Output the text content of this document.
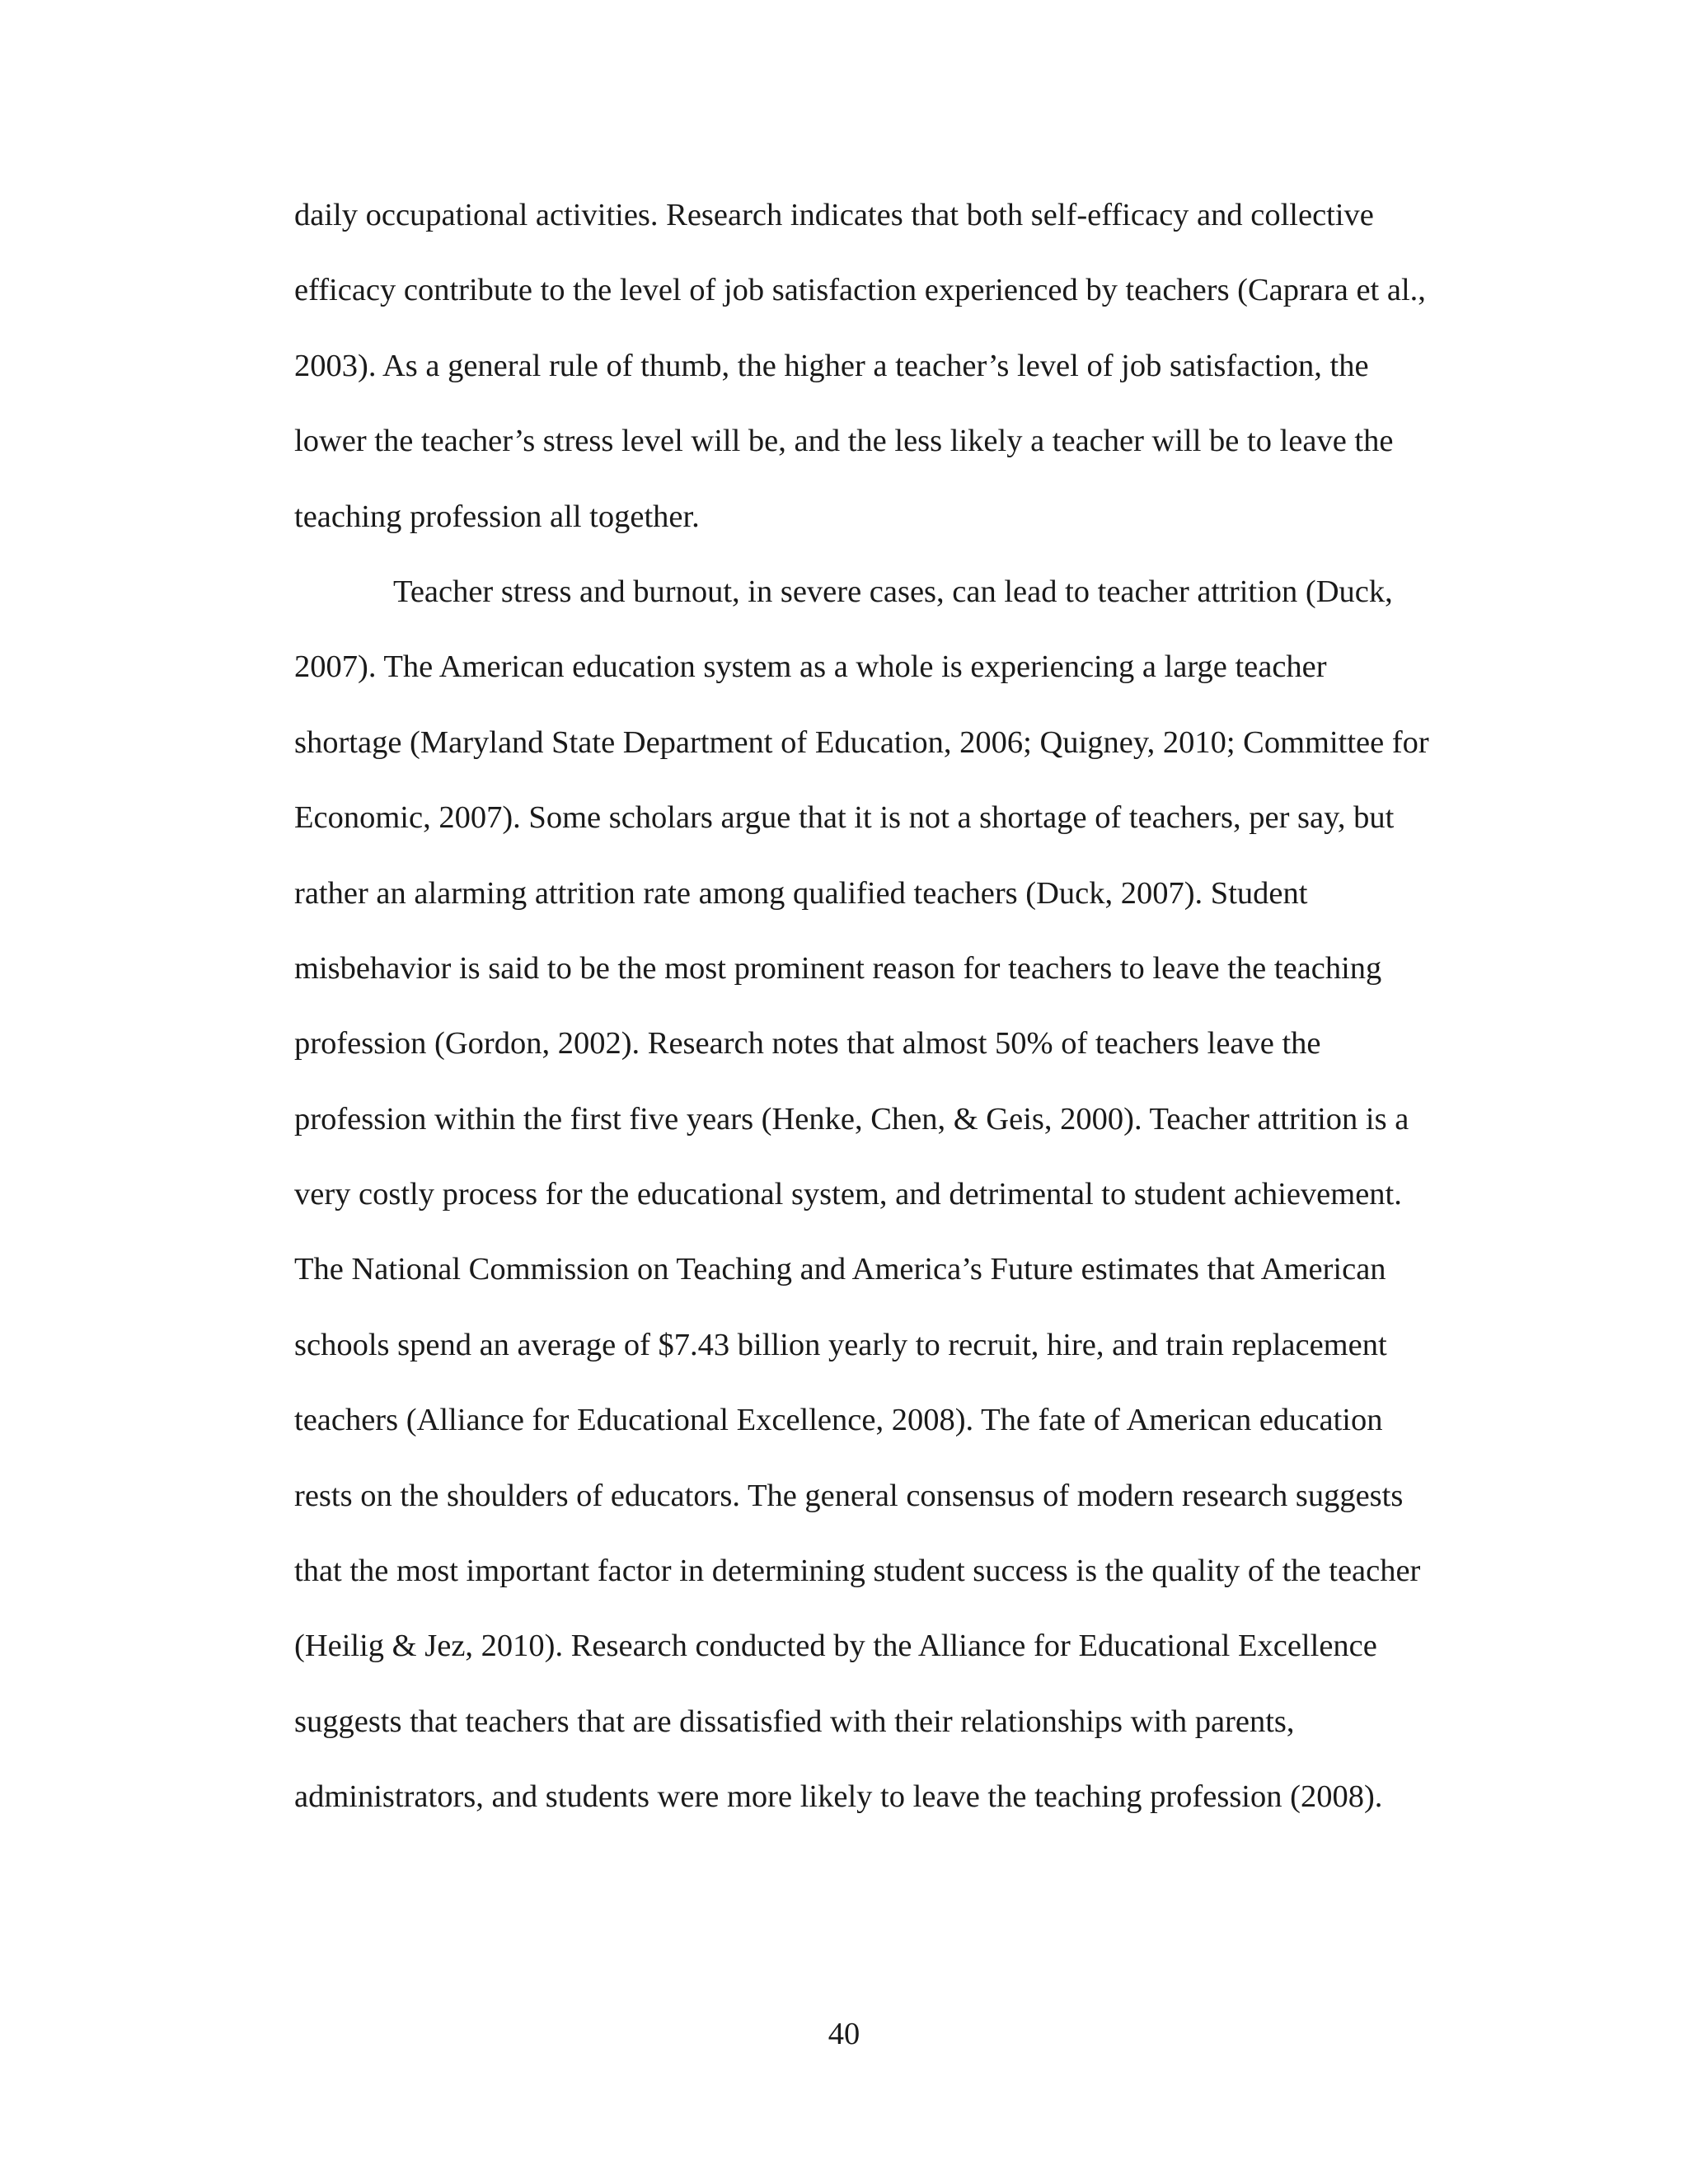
daily occupational activities. Research indicates that both self-efficacy and collective
efficacy contribute to the level of job satisfaction experienced by teachers (Caprara et al.,
2003). As a general rule of thumb, the higher a teacher’s level of job satisfaction, the
lower the teacher’s stress level will be, and the less likely a teacher will be to leave the
teaching profession all together.
Teacher stress and burnout, in severe cases, can lead to teacher attrition (Duck,
2007). The American education system as a whole is experiencing a large teacher
shortage (Maryland State Department of Education, 2006; Quigney, 2010; Committee for
Economic, 2007). Some scholars argue that it is not a shortage of teachers, per say, but
rather an alarming attrition rate among qualified teachers (Duck, 2007). Student
misbehavior is said to be the most prominent reason for teachers to leave the teaching
profession (Gordon, 2002). Research notes that almost 50% of teachers leave the
profession within the first five years (Henke, Chen, & Geis, 2000). Teacher attrition is a
very costly process for the educational system, and detrimental to student achievement.
The National Commission on Teaching and America’s Future estimates that American
schools spend an average of $7.43 billion yearly to recruit, hire, and train replacement
teachers (Alliance for Educational Excellence, 2008). The fate of American education
rests on the shoulders of educators. The general consensus of modern research suggests
that the most important factor in determining student success is the quality of the teacher
(Heilig & Jez, 2010). Research conducted by the Alliance for Educational Excellence
suggests that teachers that are dissatisfied with their relationships with parents,
administrators, and students were more likely to leave the teaching profession (2008).
40
